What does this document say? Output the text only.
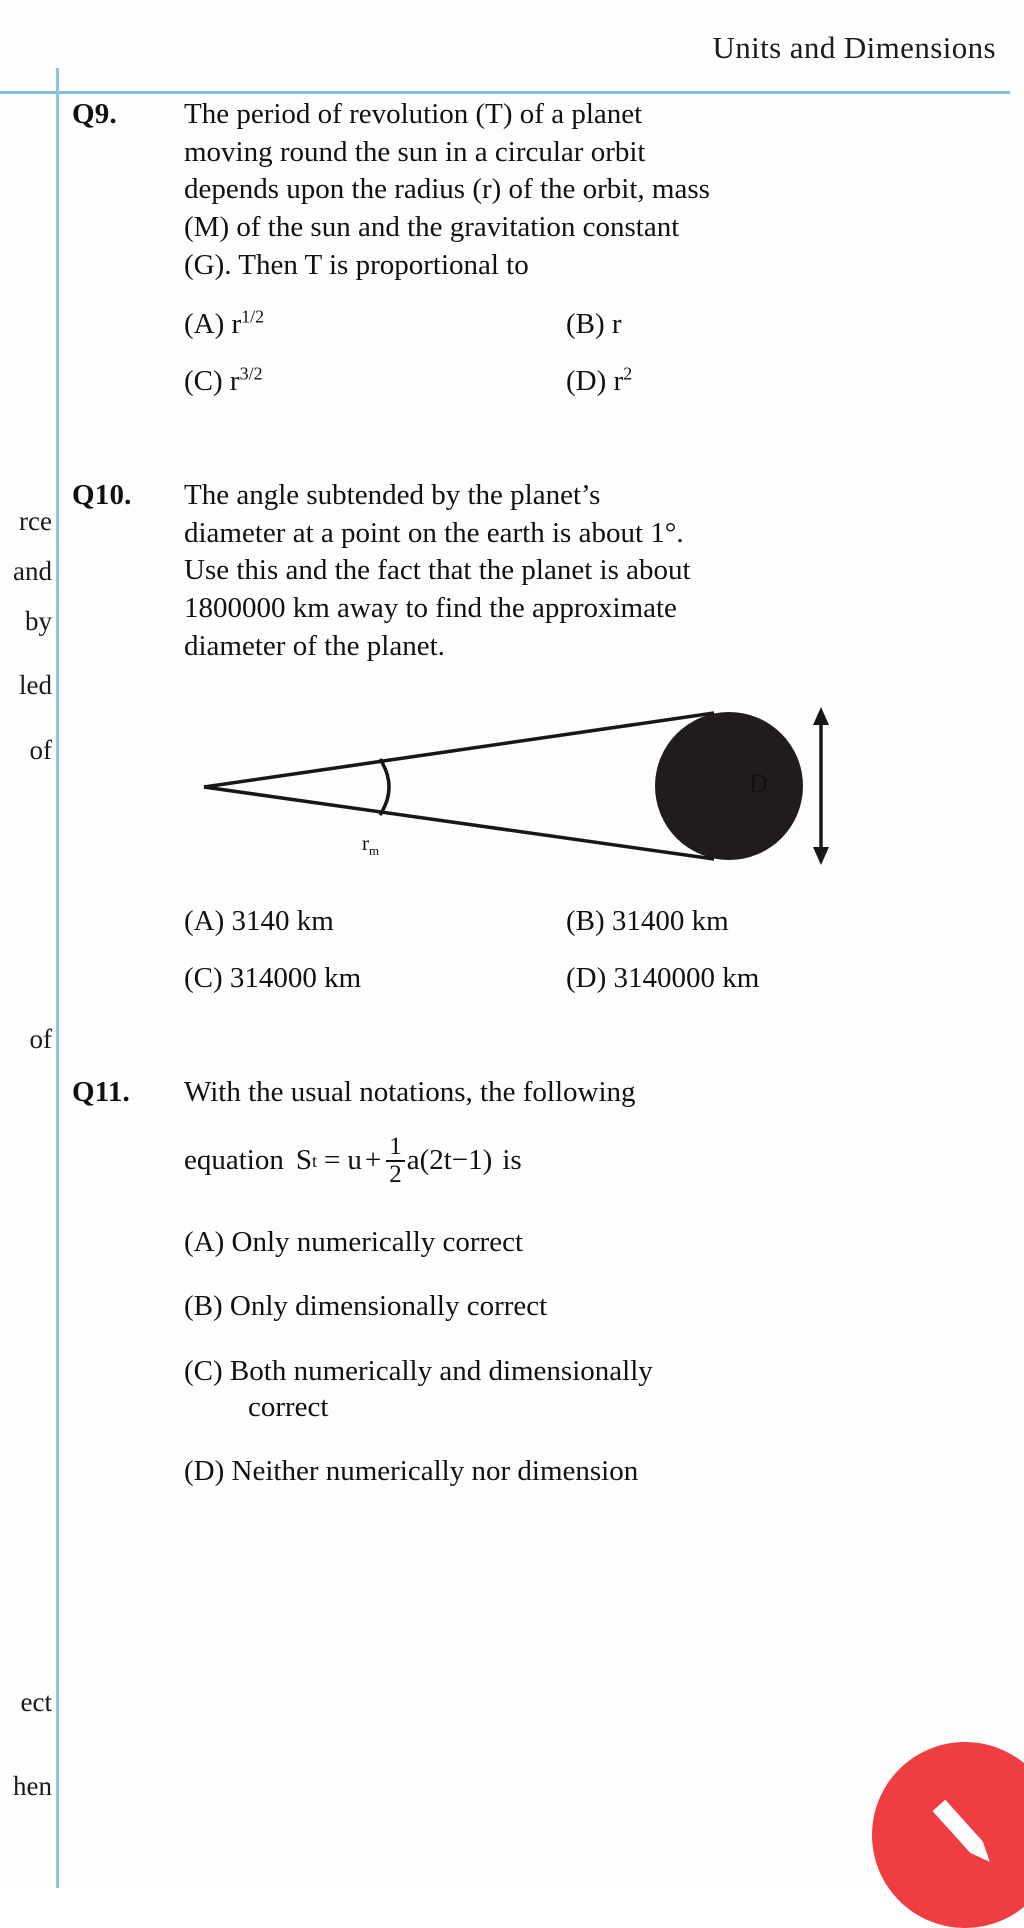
Units and Dimensions
rce
and
by
led
of
of
ect
hen
Q9.	The period of revolution (T) of a planet
moving round the sun in a circular orbit
depends upon the radius (r) of the orbit, mass
(M) of the sun and the gravitation constant
(G). Then T is proportional to
(A) $r^{1/2}$	(B) r
(C) $r^{3/2}$	(D) $r^2$
Q10.	The angle subtended by the planet’s
diameter at a point on the earth is about 1°.
Use this and the fact that the planet is about
1800000 km away to find the approximate
diameter of the planet.
$r_m$
D
(A) 3140 km	(B) 31400 km
(C) 314000 km	(D) 3140000 km
Q11.	With the usual notations, the following
equation S $t = u + \frac{1}{2} a(2t-1)$ is
(A) Only numerically correct
(B) Only dimensionally correct
(C) Both numerically and dimensionally
correct
(D) Neither numerically nor dimension
